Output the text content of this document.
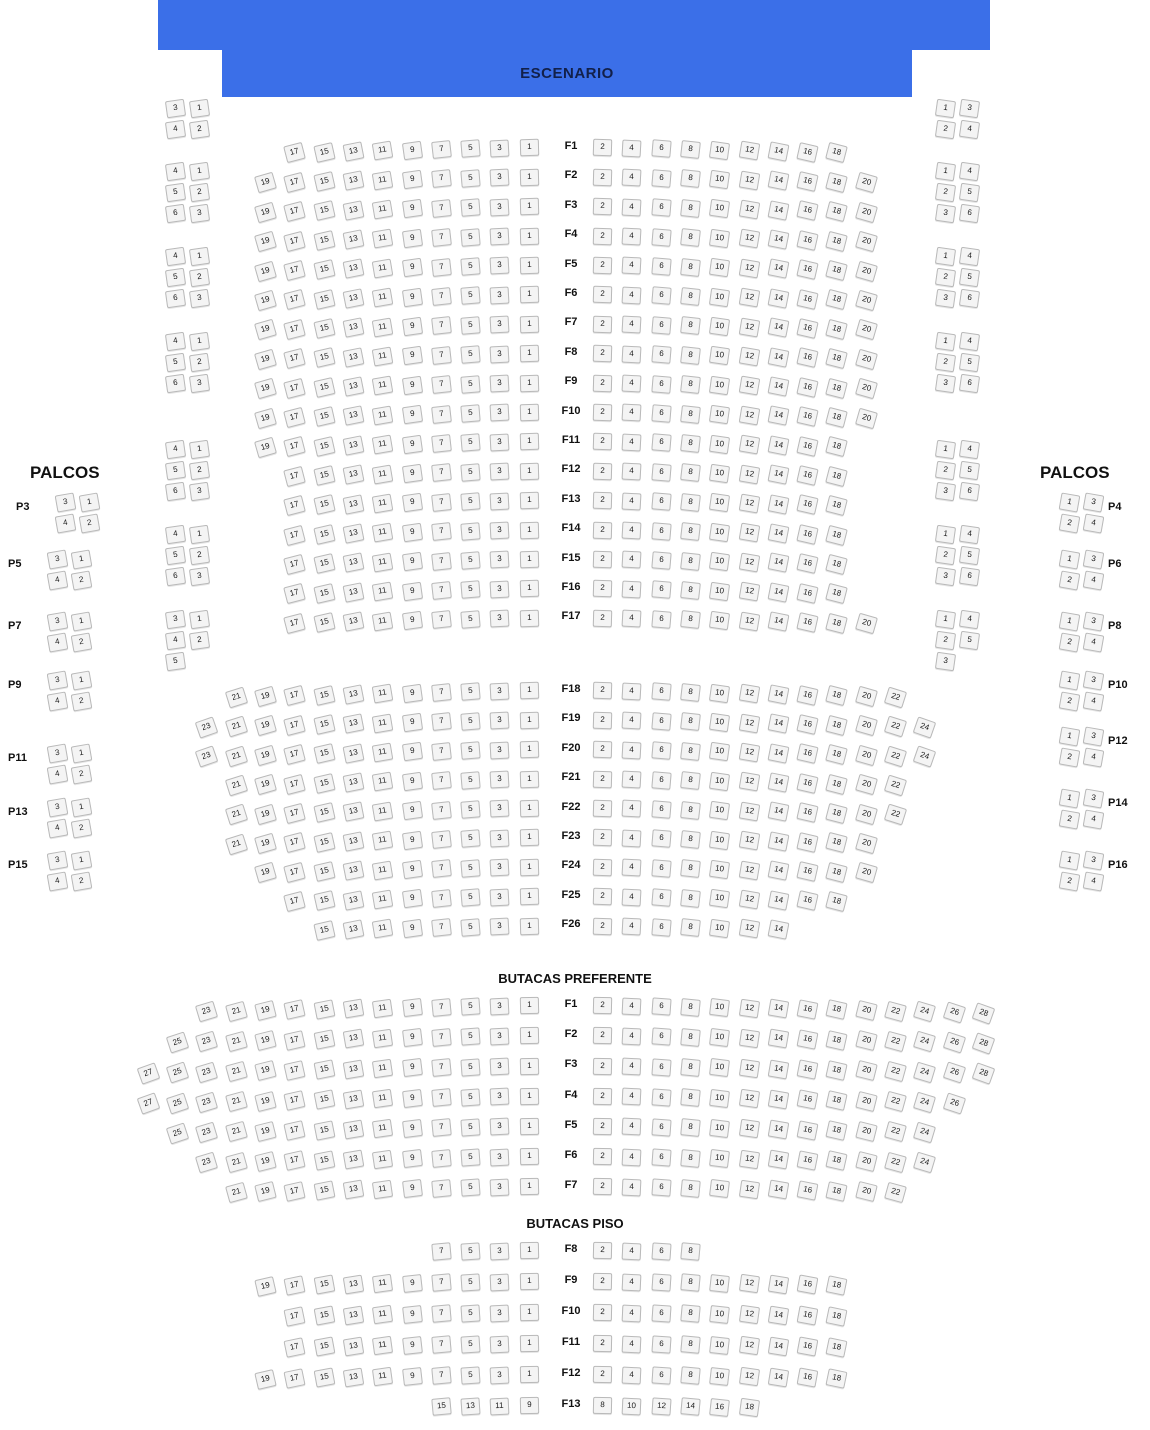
ESCENARIO
PALCOS	PALCOS
BUTACAS PREFERENTE
BUTACAS PISO
F1
17	15	13	11	9	7	5	3	1	2	4	6	8	10	12	14	16	18
F2
19	17	15	13	11	9	7	5	3	1	2	4	6	8	10	12	14	16	18	20
F3
19	17	15	13	11	9	7	5	3	1	2	4	6	8	10	12	14	16	18	20
F4
19	17	15	13	11	9	7	5	3	1	2	4	6	8	10	12	14	16	18	20
F5
19	17	15	13	11	9	7	5	3	1	2	4	6	8	10	12	14	16	18	20
F6
19	17	15	13	11	9	7	5	3	1	2	4	6	8	10	12	14	16	18	20
F7
19	17	15	13	11	9	7	5	3	1	2	4	6	8	10	12	14	16	18	20
F8
19	17	15	13	11	9	7	5	3	1	2	4	6	8	10	12	14	16	18	20
F9
19	17	15	13	11	9	7	5	3	1	2	4	6	8	10	12	14	16	18	20
F10
19	17	15	13	11	9	7	5	3	1	2	4	6	8	10	12	14	16	18	20
F11
19	17	15	13	11	9	7	5	3	1	2	4	6	8	10	12	14	16	18
F12
17	15	13	11	9	7	5	3	1	2	4	6	8	10	12	14	16	18
F13
17	15	13	11	9	7	5	3	1	2	4	6	8	10	12	14	16	18
F14
17	15	13	11	9	7	5	3	1	2	4	6	8	10	12	14	16	18
F15
17	15	13	11	9	7	5	3	1	2	4	6	8	10	12	14	16	18
F16
17	15	13	11	9	7	5	3	1	2	4	6	8	10	12	14	16	18
F17
17	15	13	11	9	7	5	3	1	2	4	6	8	10	12	14	16	18	20
F18
21	19	17	15	13	11	9	7	5	3	1	2	4	6	8	10	12	14	16	18	20	22
F19
23	21	19	17	15	13	11	9	7	5	3	1	2	4	6	8	10	12	14	16	18	20	22	24
F20
23	21	19	17	15	13	11	9	7	5	3	1	2	4	6	8	10	12	14	16	18	20	22	24
F21
21	19	17	15	13	11	9	7	5	3	1	2	4	6	8	10	12	14	16	18	20	22
F22
21	19	17	15	13	11	9	7	5	3	1	2	4	6	8	10	12	14	16	18	20	22
F23
21	19	17	15	13	11	9	7	5	3	1	2	4	6	8	10	12	14	16	18	20
F24
19	17	15	13	11	9	7	5	3	1	2	4	6	8	10	12	14	16	18	20
F25
17	15	13	11	9	7	5	3	1	2	4	6	8	10	12	14	16	18
F26
15	13	11	9	7	5	3	1	2	4	6	8	10	12	14
F1
23	21	19	17	15	13	11	9	7	5	3	1	2	4	6	8	10	12	14	16	18	20	22	24	26	28
F2
25	23	21	19	17	15	13	11	9	7	5	3	1	2	4	6	8	10	12	14	16	18	20	22	24	26	28
F3
27	25	23	21	19	17	15	13	11	9	7	5	3	1	2	4	6	8	10	12	14	16	18	20	22	24	26	28
F4
27	25	23	21	19	17	15	13	11	9	7	5	3	1	2	4	6	8	10	12	14	16	18	20	22	24	26
F5
25	23	21	19	17	15	13	11	9	7	5	3	1	2	4	6	8	10	12	14	16	18	20	22	24
F6
23	21	19	17	15	13	11	9	7	5	3	1	2	4	6	8	10	12	14	16	18	20	22	24
F7
21	19	17	15	13	11	9	7	5	3	1	2	4	6	8	10	12	14	16	18	20	22
F8
7	5	3	1	2	4	6	8
F9
19	17	15	13	11	9	7	5	3	1	2	4	6	8	10	12	14	16	18
F10
17	15	13	11	9	7	5	3	1	2	4	6	8	10	12	14	16	18
F11
17	15	13	11	9	7	5	3	1	2	4	6	8	10	12	14	16	18
F12
19	17	15	13	11	9	7	5	3	1	2	4	6	8	10	12	14	16	18
F13
15	13	11	9	8	10	12	14	16	18
3	1
4	2
4	1
5	2
6	3
4	1
5	2
6	3
4	1
5	2
6	3
4	1
5	2
6	3
4	1
5	2
6	3
3	1
4	2
5
1	3
2	4
1	4
2	5
3	6
1	4
2	5
3	6
1	4
2	5
3	6
1	4
2	5
3	6
1	4
2	5
3	6
1	4
2	5
3
3	1
4	2
P3
3	1
4	2
P5
3	1
4	2
P7
3	1
4	2
P9
3	1
4	2
P11
3	1
4	2
P13
3	1
4	2
P15
1	3
2	4
P4
1	3
2	4
P6
1	3
2	4
P8
1	3
2	4
P10
1	3
2	4
P12
1	3
2	4
P14
1	3
2	4
P16
